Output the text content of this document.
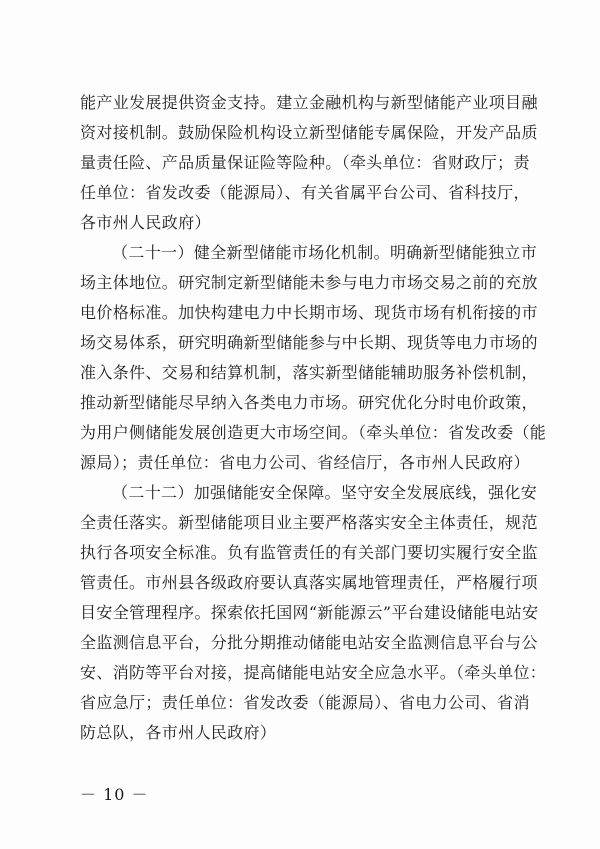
能产业发展提供资金支持。建立金融机构与新型储能产业项目融
资对接机制。鼓励保险机构设立新型储能专属保险，开发产品质
量责任险、产品质量保证险等险种。（牵头单位：省财政厅；责
任单位：省发改委（能源局）、有关省属平台公司、省科技厅，
各市州人民政府）
（二十一）健全新型储能市场化机制。明确新型储能独立市
场主体地位。研究制定新型储能未参与电力市场交易之前的充放
电价格标准。加快构建电力中长期市场、现货市场有机衔接的市
场交易体系，研究明确新型储能参与中长期、现货等电力市场的
准入条件、交易和结算机制，落实新型储能辅助服务补偿机制，
推动新型储能尽早纳入各类电力市场。研究优化分时电价政策，
为用户侧储能发展创造更大市场空间。（牵头单位：省发改委（能
源局）；责任单位：省电力公司、省经信厅，各市州人民政府）
（二十二）加强储能安全保障。坚守安全发展底线，强化安
全责任落实。新型储能项目业主要严格落实安全主体责任，规范
执行各项安全标准。负有监管责任的有关部门要切实履行安全监
管责任。市州县各级政府要认真落实属地管理责任，严格履行项
目安全管理程序。探索依托国网“新能源云”平台建设储能电站安
全监测信息平台，分批分期推动储能电站安全监测信息平台与公
安、消防等平台对接，提高储能电站安全应急水平。（牵头单位：
省应急厅；责任单位：省发改委（能源局）、省电力公司、省消
防总队，各市州人民政府）
－ 10 －
